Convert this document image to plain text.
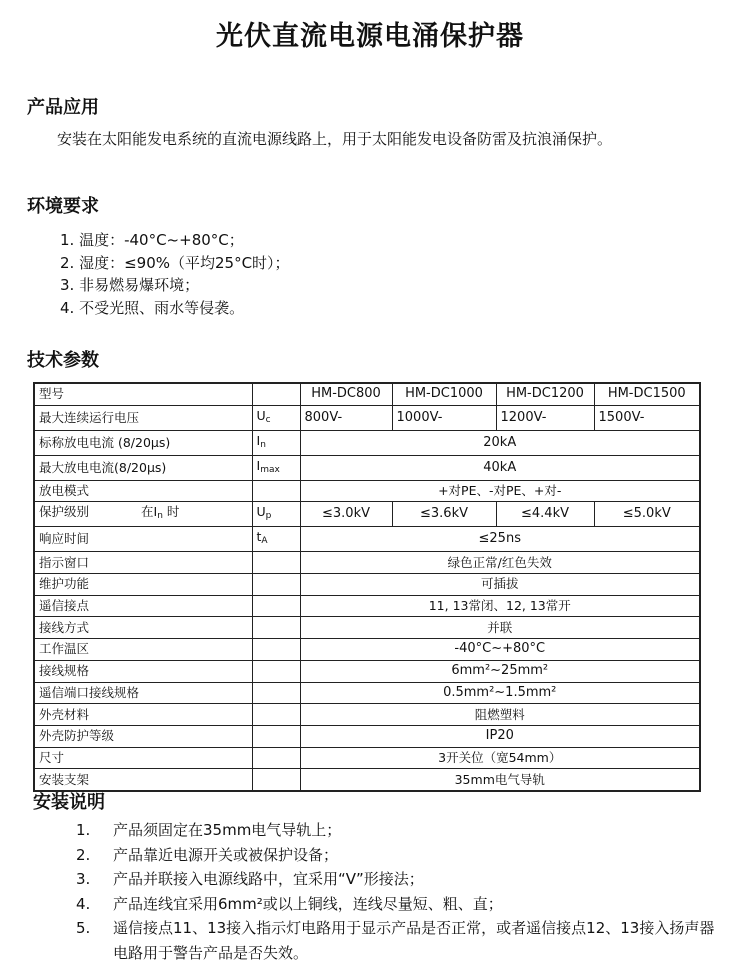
光伏直流电源电涌保护器
产品应用
安装在太阳能发电系统的直流电源线路上，用于太阳能发电设备防雷及抗浪涌保护。
环境要求
1. 温度：-40°C~+80°C；
2. 湿度：≤90%（平均25°C时）；
3. 非易燃易爆环境；
4. 不受光照、雨水等侵袭。
技术参数
型号		HM-DC800	HM-DC1000	HM-DC1200	HM-DC1500
最大连续运行电压	$U_c$	800V-	1000V-	1200V-	1500V-
标称放电电流 (8/20μs)	$I_n$	20kA			
最大放电电流(8/20μs)	$I_{max}$	40kA			
放电模式		+对PE、-对PE、+对-			
保护级别 在$I_n$ 时	$U_p$	≤3.0kV	≤3.6kV	≤4.4kV	≤5.0kV
响应时间	$t_A$	≤25ns			
指示窗口		绿色正常/红色失效			
维护功能		可插拔			
遥信接点		11, 13常闭、12, 13常开			
接线方式		并联			
工作温区		-40°C~+80°C			
接线规格		6mm²~25mm²			
遥信端口接线规格		0.5mm²~1.5mm²			
外壳材料		阻燃塑料			
外壳防护等级		IP20			
尺寸		3开关位（宽54mm）			
安装支架		35mm电气导轨			
安装说明
1. 产品须固定在35mm电气导轨上；
2. 产品靠近电源开关或被保护设备；
3. 产品并联接入电源线路中，宜采用“V”形接法；
4. 产品连线宜采用6mm²或以上铜线，连线尽量短、粗、直；
5. 遥信接点11、13接入指示灯电路用于显示产品是否正常，或者遥信接点12、13接入扬声器电路用于警告产品是否失效。
